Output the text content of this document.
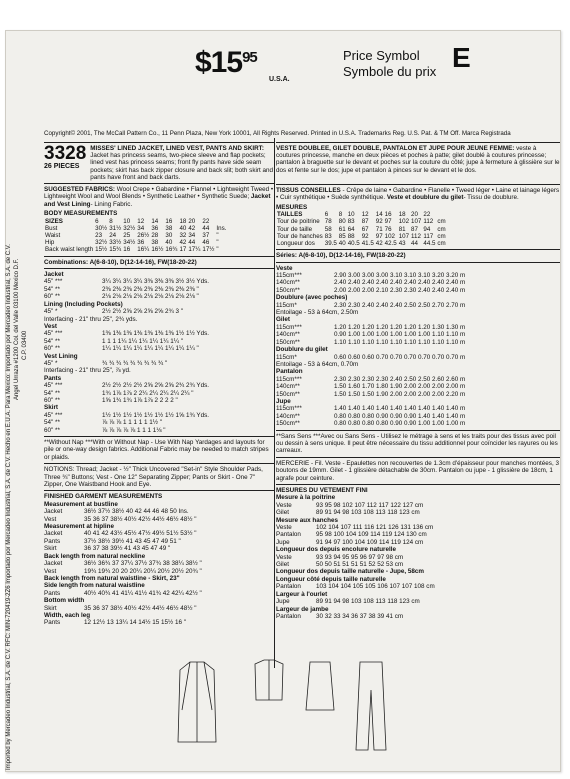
$\$15^{95}$
U.S.A.
Price Symbol
Symbole du prix E
Copyright© 2001, The McCall Pattern Co., 11 Penn Plaza, New York 10001, All Rights Reserved. Printed in U.S.A. Trademarks Reg. U.S. Pat. & TM Off. Marca Registrada
Imported by Mercadeo Industrial, S.A. de C.V. RFC: MIN-720419-2Z6 Importado por Mercadeo Industrial, S.A. de C.V. Hecho en E.U.A. Para Mexico: Importado por Mercadeo Industrial, S.A. de C.V. Angel Urraza #1200 Col. del Valle 03100 Mexico D.F. C.P. 03400
3328
26 PIECES
MISSES' LINED JACKET, LINED VEST, PANTS AND SKIRT: Jacket has princess seams, two-piece sleeve and flap pockets; lined vest has princess seams; front fly pants have side seam pockets; skirt has back zipper closure and back slit; both skirt and pants have front and back darts.
SUGGESTED FABRICS: Wool Crepe • Gabardine • Flannel • Lightweight Tweed • Lightweight Wool and Wool Blends • Synthetic Leather • Synthetic Suede; Jacket and Vest Lining- Lining Fabric.
BODY MEASUREMENTS
SIZES	6	8	10	12	14	16	18	20	22	
Bust	30½	31½	32½	34	36	38	40	42	44	Ins.
Waist	23	24	25	26½	28	30	32	34	37	"
Hip	32½	33½	34½	36	38	40	42	44	46	"
Back waist length	15½	15¾	16	16¼	16½	16¾	17	17¼	17½	"
Combinations: A(6-8-10), D(12-14-16), FW(18-20-22)
Jacket
45" ***	3¼ 3¼ 3¼ 3¼ 3⅜ 3⅜ 3⅜ 3½ 3½ Yds.
54" **	2⅜ 2⅜ 2⅜ 2⅜ 2⅜ 2⅜ 2⅜ 2⅜ 2⅜ "
60" **	2⅛ 2⅛ 2⅛ 2⅛ 2⅛ 2⅛ 2⅛ 2⅛ 2⅛ "
Lining (Including Pockets)
45" *	2½ 2½ 2⅝ 2⅝ 2⅝ 2⅝ 2¾ 3 "
Interfacing - 21" thru 25", 2¾ yds.
Vest
45" ***	1⅜ 1⅜ 1⅜ 1⅜ 1⅜ 1⅜ 1⅜ 1½ 1½ Yds.
54" **	1 1 1 1¼ 1¼ 1¼ 1¼ 1¼ 1¼ "
60" **	1¼ 1¼ 1¼ 1¼ 1¼ 1¼ 1¼ 1¼ 1¼ "
Vest Lining
45" *	¾ ¾ ¾ ¾ ¾ ¾ ¾ ¾ ¾ "
Interfacing - 21" thru 25", ⅞ yd.
Pants
45" ***	2½ 2½ 2½ 2½ 2⅝ 2⅝ 2⅝ 2¾ 2¾ Yds.
54" **	1¾ 1⅞ 1⅞ 2 2¼ 2¼ 2¼ 2¼ 2¼ "
60" **	1⅝ 1¾ 1¾ 1⅞ 1⅞ 2 2 2 2 "
Skirt
45" ***	1½ 1½ 1½ 1½ 1½ 1½ 1½ 1⅝ 1¾ Yds.
54" **	⅞ ⅞ ⅞ 1 1 1 1 1 1½ "
60" **	⅞ ⅞ ⅞ ⅞ ⅞ 1 1 1 1⅛ "
**Without Nap ***With or Without Nap - Use With Nap Yardages and layouts for pile or one-way design fabrics. Additional Fabric may be needed to match stripes or plaids.
NOTIONS: Thread; Jacket - ½" Thick Uncovered "Set-in" Style Shoulder Pads, Three ¾" Buttons; Vest - One 12" Separating Zipper; Pants or Skirt - One 7" Zipper, One Waistband Hook and Eye.
FINISHED GARMENT MEASUREMENTS
Measurement at bustline
Jacket	36½ 37½ 38½ 40 42 44 46 48 50 Ins.
Vest	35 36 37 38½ 40½ 42½ 44½ 46½ 48½ "
Measurement at hipline
Jacket	40 41 42 43½ 45½ 47½ 49½ 51½ 53½ "
Pants	37½ 38½ 39½ 41 43 45 47 49 51 "
Skirt	36 37 38 39½ 41 43 45 47 49 "
Back length from natural neckline
Jacket	36½ 36¾ 37 37¼ 37½ 37¾ 38 38¼ 38½ "
Vest	19¾ 19¾ 20 20 20¼ 20¼ 20½ 20½ 20¾ "
Back length from natural waistline - Skirt, 23"
Side length from natural waistline
Pants	40½ 40¾ 41 41¼ 41½ 41¾ 42 42¼ 42½ "
Bottom width
Skirt	35 36 37 38½ 40½ 42½ 44½ 46½ 48½ "
Width, each leg
Pants	12 12½ 13 13¼ 14 14½ 15 15½ 16 "
VESTE DOUBLEE, GILET DOUBLE, PANTALON ET JUPE POUR JEUNE FEMME: veste à coutures princesse, manche en deux pièces et poches à patte; gilet doublé à coutures princesse; pantalon à braguette sur le devant et poches sur la couture du côté; jupe à fermeture à glissière sur le dos et fente sur le dos; jupe et pantalon à pinces sur le devant et le dos.
TISSUS CONSEILLES - Crêpe de laine • Gabardine • Flanelle • Tweed léger • Laine et lainage légers • Cuir synthétique • Suède synthétique. Veste et doublure du gilet- Tissu de doublure.
MESURES
TAILLES	6	8	10	12	14	16	18	20	22	
Tour de poitrine	78	80	83	87	92	97	102	107	112	cm
Tour de taille	58	61	64	67	71	76	81	87	94	cm
Tour de hanches	83	85	88	92	97	102	107	112	117	cm
Longueur dos	39.5	40	40.5	41.5	42	42.5	43	44	44.5	cm
Séries: A(6-8-10), D(12-14-16), FW(18-20-22)
Veste
115cm***	2.90 3.00 3.00 3.00 3.10 3.10 3.10 3.20 3.20 m
140cm**	2.40 2.40 2.40 2.40 2.40 2.40 2.40 2.40 2.40 m
150cm**	2.00 2.00 2.00 2.10 2.30 2.30 2.40 2.40 2.40 m
Doublure (avec poches)
115cm*	2.30 2.30 2.40 2.40 2.40 2.50 2.50 2.70 2.70 m
Entoilage - 53 à 64cm, 2.50m
Gilet
115cm***	1.20 1.20 1.20 1.20 1.20 1.20 1.20 1.30 1.30 m
140cm**	0.90 1.00 1.00 1.00 1.00 1.00 1.00 1.10 1.10 m
150cm**	1.10 1.10 1.10 1.10 1.10 1.10 1.10 1.10 1.10 m
Doublure du gilet
115cm*	0.60 0.60 0.60 0.70 0.70 0.70 0.70 0.70 0.70 m
Entoilage - 53 à 64cm, 0.70m
Pantalon
115cm***	2.30 2.30 2.30 2.30 2.40 2.50 2.50 2.60 2.60 m
140cm**	1.50 1.60 1.70 1.80 1.90 2.00 2.00 2.00 2.00 m
150cm**	1.50 1.50 1.50 1.90 2.00 2.00 2.00 2.00 2.20 m
Jupe
115cm***	1.40 1.40 1.40 1.40 1.40 1.40 1.40 1.40 1.40 m
140cm**	0.80 0.80 0.80 0.90 0.90 0.90 1.40 1.40 1.40 m
150cm**	0.80 0.80 0.80 0.80 0.90 0.90 1.00 1.00 1.00 m
**Sans Sens ***Avec ou Sans Sens - Utilisez le métrage à sens et les traits pour des tissus avec poil ou dessin à sens unique. Il peut être nécessaire du tissu additionnel pour coïncider les rayures ou les carreaux.
MERCERIE - Fil. Veste - Epaulettes non recouvertes de 1.3cm d'épaisseur pour manches montées, 3 boutons de 19mm. Gilet - 1 glissière détachable de 30cm. Pantalon ou jupe - 1 glissière de 18cm, 1 agrafe pour ceinture.
MESURES DU VETEMENT FINI
Mesure à la poitrine
Veste	93 95 98 102 107 112 117 122 127 cm
Gilet	89 91 94 98 103 108 113 118 123 cm
Mesure aux hanches
Veste	102 104 107 111 116 121 126 131 136 cm
Pantalon	95 98 100 104 109 114 119 124 130 cm
Jupe	91 94 97 100 104 109 114 119 124 cm
Longueur dos depuis encolure naturelle
Veste	93 93 94 95 95 96 97 97 98 cm
Gilet	50 50 51 51 51 51 52 52 53 cm
Longueur dos depuis taille naturelle - Jupe, 58cm
Longueur côté depuis taille naturelle
Pantalon	103 104 104 105 105 106 107 107 108 cm
Largeur à l'ourlet
Jupe	89 91 94 98 103 108 113 118 123 cm
Largeur de jambe
Pantalon	30 32 33 34 36 37 38 39 41 cm
